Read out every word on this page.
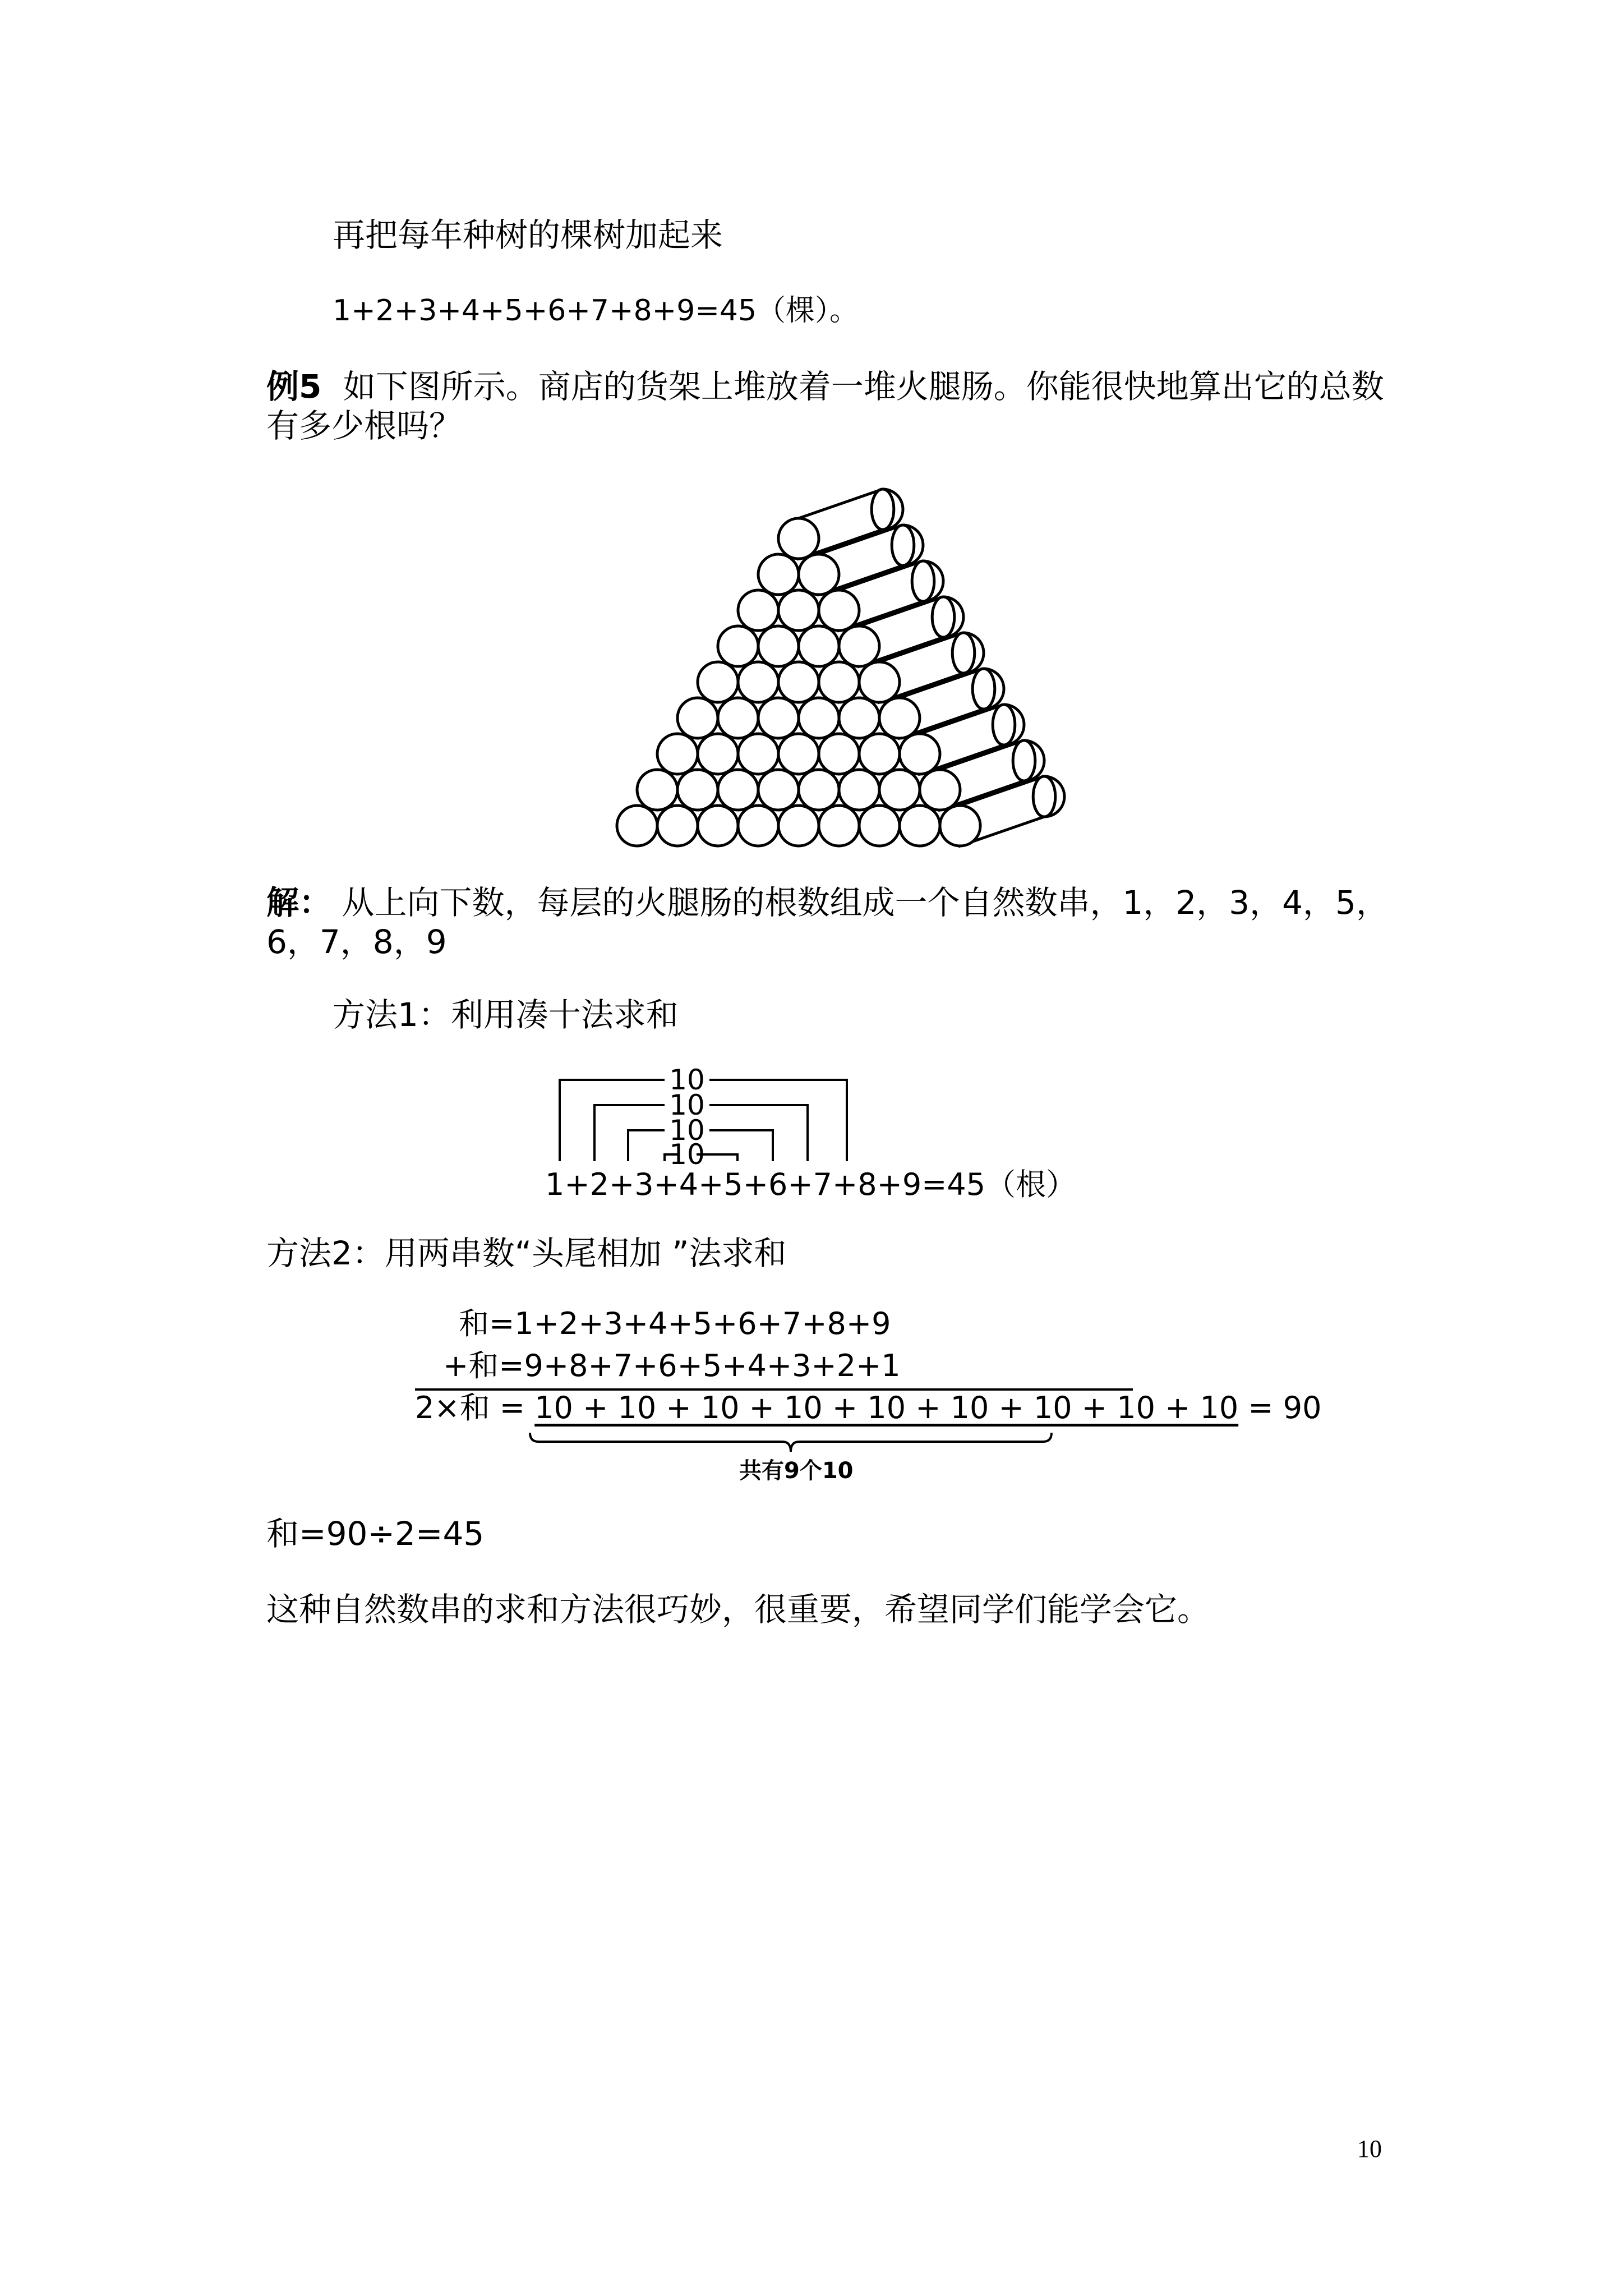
再把每年种树的棵树加起来
1+2+3+4+5+6+7+8+9=45（棵）。
例5 如下图所示。商店的货架上堆放着一堆火腿肠。你能很快地算出它的总数
有多少根吗？
解： 从上向下数，每层的火腿肠的根数组成一个自然数串，1，2，3，4，5，
6，7，8，9
方法1：利用凑十法求和
10
10
10
10
1+2+3+4+5+6+7+8+9=45（根）
方法2：用两串数“头尾相加 ”法求和
和=1+2+3+4+5+6+7+8+9
+和=9+8+7+6+5+4+3+2+1
2×和 = 10 + 10 + 10 + 10 + 10 + 10 + 10 + 10 + 10 = 90
共有9个10
和=90÷2=45
这种自然数串的求和方法很巧妙，很重要，希望同学们能学会它。
10
